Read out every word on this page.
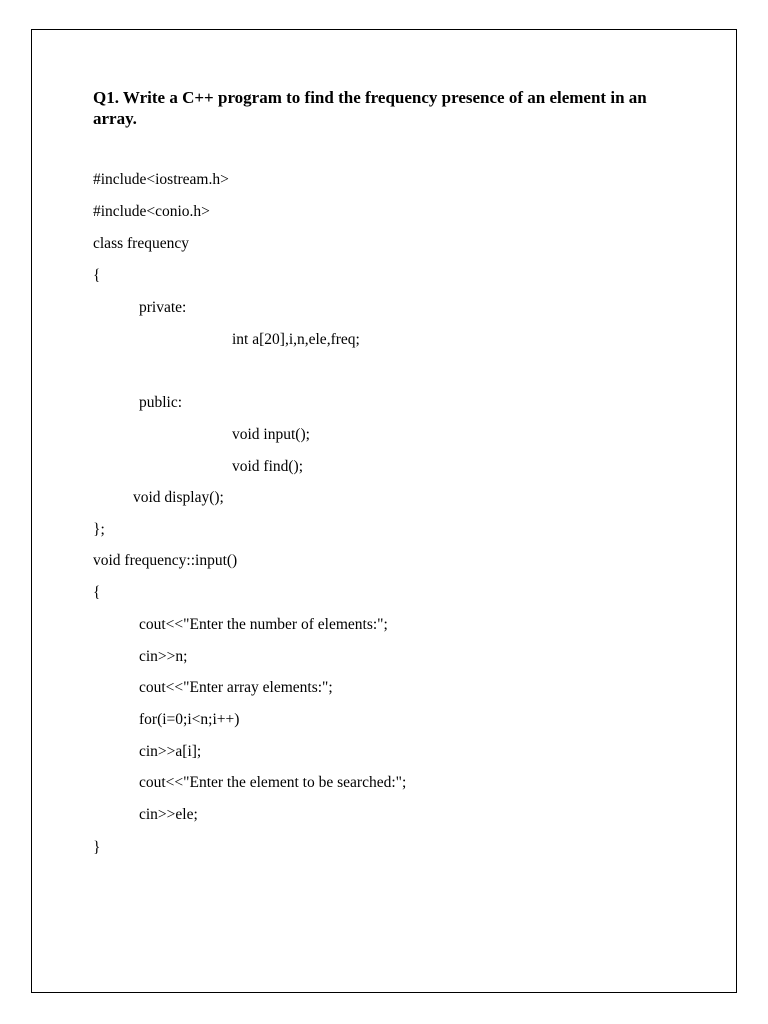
Q1. Write a C++ program to find the frequency presence of an element in an array.
#include<iostream.h>
#include<conio.h>
class frequency
{
private:
int a[20],i,n,ele,freq;
public:
void input();
void find();
void display();
};
void frequency::input()
{
cout<<"Enter the number of elements:";
cin>>n;
cout<<"Enter array elements:";
for(i=0;i<n;i++)
cin>>a[i];
cout<<"Enter the element to be searched:";
cin>>ele;
}
